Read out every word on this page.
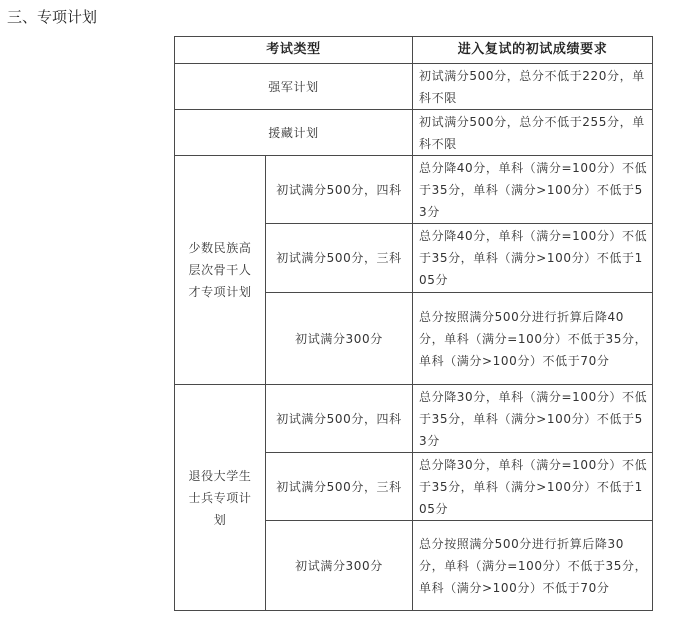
三、专项计划
考试类型		进入复试的初试成绩要求
强军计划		初试满分500分，总分不低于220分，单科不限
援藏计划		初试满分500分，总分不低于255分，单科不限
少数民族高层次骨干人才专项计划	初试满分500分，四科	总分降40分，单科（满分=100分）不低于35分，单科（满分>100分）不低于53分
	初试满分500分，三科	总分降40分，单科（满分=100分）不低于35分，单科（满分>100分）不低于105分
	初试满分300分	总分按照满分500分进行折算后降40分，单科（满分=100分）不低于35分，单科（满分>100分）不低于70分
退役大学生士兵专项计划	初试满分500分，四科	总分降30分，单科（满分=100分）不低于35分，单科（满分>100分）不低于53分
	初试满分500分，三科	总分降30分，单科（满分=100分）不低于35分，单科（满分>100分）不低于105分
	初试满分300分	总分按照满分500分进行折算后降30分，单科（满分=100分）不低于35分，单科（满分>100分）不低于70分
